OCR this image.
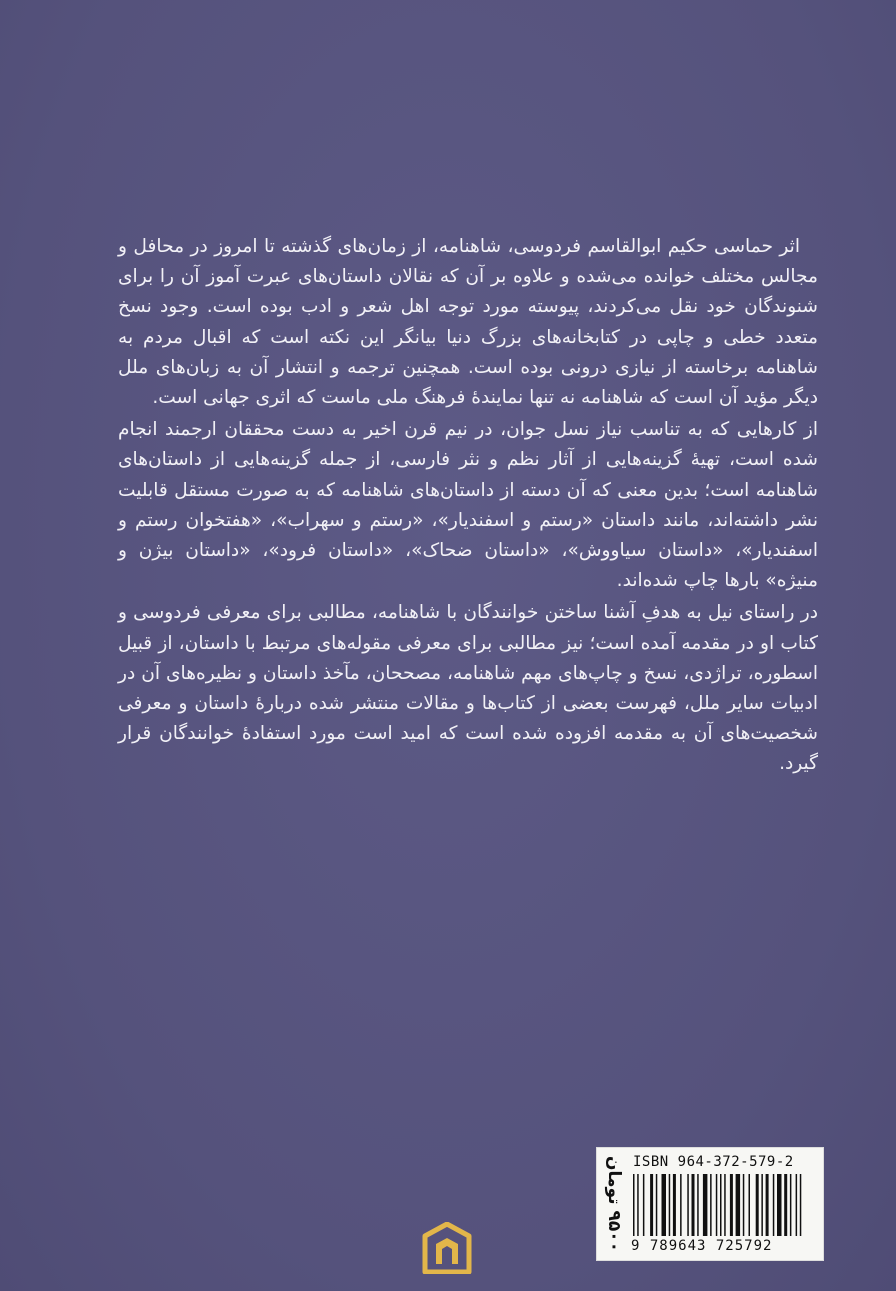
اثر حماسی حکیم ابوالقاسم فردوسی، شاهنامه، از زمان‌های گذشته تا امروز در محافل و مجالس مختلف خوانده می‌شده و علاوه بر آن که نقالان داستان‌های عبرت آموز آن را برای شنوندگان خود نقل می‌کردند، پیوسته مورد توجه اهل شعر و ادب بوده است. وجود نسخ متعدد خطی و چاپی در کتابخانه‌های بزرگ دنیا بیانگر این نکته است که اقبال مردم به شاهنامه برخاسته از نیازی درونی بوده است. همچنین ترجمه و انتشار آن به زبان‌های ملل دیگر مؤید آن است که شاهنامه نه تنها نمایندهٔ فرهنگ ملی ماست که اثری جهانی است.

از کارهایی که به تناسب نیاز نسل جوان، در نیم قرن اخیر به دست محققان ارجمند انجام شده است، تهیهٔ گزینه‌هایی از آثار نظم و نثر فارسی، از جمله گزینه‌هایی از داستان‌های شاهنامه است؛ بدین معنی که آن دسته از داستان‌های شاهنامه که به صورت مستقل قابلیت نشر داشته‌اند، مانند داستان «رستم و اسفندیار»، «رستم و سهراب»، «هفتخوان رستم و اسفندیار»، «داستان سیاووش»، «داستان ضحاک»، «داستان فرود»، «داستان بیژن و منیژه» بارها چاپ شده‌اند.

در راستای نیل به هدفِ آشنا ساختن خوانندگان با شاهنامه، مطالبی برای معرفی فردوسی و کتاب او در مقدمه آمده است؛ نیز مطالبی برای معرفی مقوله‌های مرتبط با داستان، از قبیل اسطوره، تراژدی، نسخ و چاپ‌های مهم شاهنامه، مصححان، مآخذ داستان و نظیره‌های آن در ادبیات سایر ملل، فهرست بعضی از کتاب‌ها و مقالات منتشر شده دربارهٔ داستان و معرفی شخصیت‌های آن به مقدمه افزوده شده است که امید است مورد استفادهٔ خوانندگان قرار گیرد.

۹۵۰۰ تومان
ISBN 964-372-579-2
9 789643 725792
